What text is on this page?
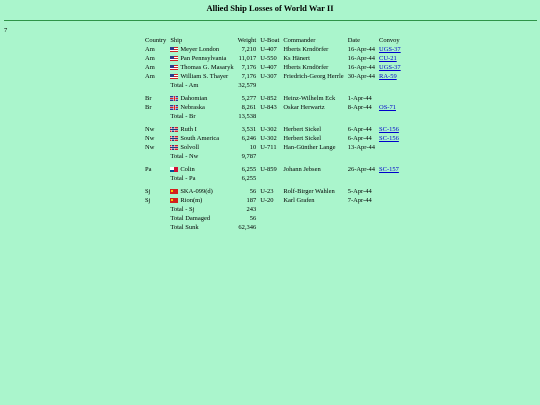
Allied Ship Losses of World War II
7
Country	Ship	Weight	U-Boat	Commander	Date	Convoy
Am	Meyer London	7,210	U-407	Hberts Krndörfer	16-Apr-44	UGS-37
Am	Pan Pennsylvania	11,017	U-550	Ks Hänert	16-Apr-44	CU-21
Am	Thomas G. Masaryk	7,176	U-407	Hberts Krndörfer	16-Apr-44	UGS-37
Am	William S. Thayer	7,176	U-307	Friedrich-Georg Herrle	30-Apr-44	RA-59
	Total - Am	32,579				

Br	Dahomian	5,277	U-852	Heinz-Wilhelm Eck	1-Apr-44	
Br	Nebraska	8,261	U-843	Oskar Herwartz	8-Apr-44	OS-71
	Total - Br	13,538				

Nw	Ruth I	3,531	U-302	Herbert Sickel	6-Apr-44	SC-156
Nw	South America	6,246	U-302	Herbert Sickel	6-Apr-44	SC-156
Nw	Solvoll	10	U-711	Han-Günther Lange	13-Apr-44	
	Total - Nw	9,787				

Pa	Colin	6,255	U-859	Johann Jebsen	26-Apr-44	SC-157
	Total - Pa	6,255				

Sj	SKA-099(d)	56	U-23	Rolf-Birger Wahlen	5-Apr-44	
Sj	Rion(m)	187	U-20	Karl Grafen	7-Apr-44	
	Total - Sj	243				
	Total Damaged	56				
	Total Sunk	62,346				
